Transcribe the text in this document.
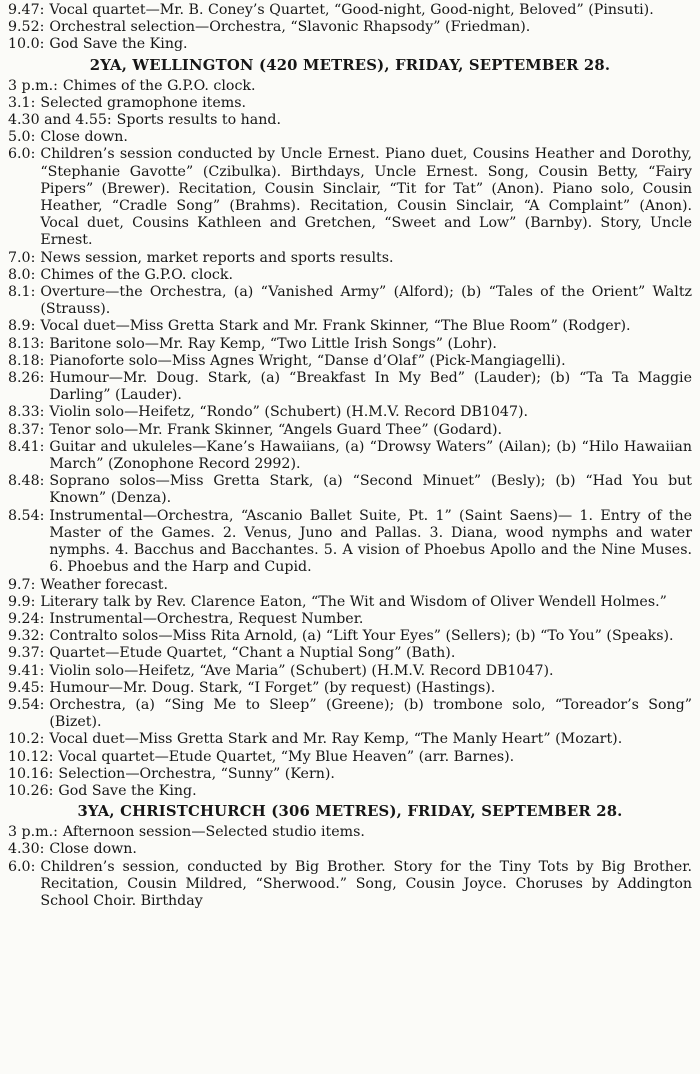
9.47: Vocal quartet—Mr. B. Coney’s Quartet, “Good-night, Good-night, Beloved” (Pinsuti).
9.52: Orchestral selection—Orchestra, “Slavonic Rhapsody” (Friedman).
10.0: God Save the King.
2YA, WELLINGTON (420 METRES), FRIDAY, SEPTEMBER 28.
3 p.m.: Chimes of the G.P.O. clock.
3.1: Selected gramophone items.
4.30 and 4.55: Sports results to hand.
5.0: Close down.
6.0: Children’s session conducted by Uncle Ernest. Piano duet, Cousins Heather and Dorothy, “Stephanie Gavotte” (Czibulka). Birthdays, Uncle Ernest. Song, Cousin Betty, “Fairy Pipers” (Brewer). Recitation, Cousin Sinclair, “Tit for Tat” (Anon). Piano solo, Cousin Heather, “Cradle Song” (Brahms). Recitation, Cousin Sinclair, “A Complaint” (Anon). Vocal duet, Cousins Kathleen and Gretchen, “Sweet and Low” (Barnby). Story, Uncle Ernest.
7.0: News session, market reports and sports results.
8.0: Chimes of the G.P.O. clock.
8.1: Overture—the Orchestra, (a) “Vanished Army” (Alford); (b) “Tales of the Orient” Waltz (Strauss).
8.9: Vocal duet—Miss Gretta Stark and Mr. Frank Skinner, “The Blue Room” (Rodger).
8.13: Baritone solo—Mr. Ray Kemp, “Two Little Irish Songs” (Lohr).
8.18: Pianoforte solo—Miss Agnes Wright, “Danse d’Olaf” (Pick-Mangiagelli).
8.26: Humour—Mr. Doug. Stark, (a) “Breakfast In My Bed” (Lauder); (b) “Ta Ta Maggie Darling” (Lauder).
8.33: Violin solo—Heifetz, “Rondo” (Schubert) (H.M.V. Record DB1047).
8.37: Tenor solo—Mr. Frank Skinner, “Angels Guard Thee” (Godard).
8.41: Guitar and ukuleles—Kane’s Hawaiians, (a) “Drowsy Waters” (Ailan); (b) “Hilo Hawaiian March” (Zonophone Record 2992).
8.48: Soprano solos—Miss Gretta Stark, (a) “Second Minuet” (Besly); (b) “Had You but Known” (Denza).
8.54: Instrumental—Orchestra, “Ascanio Ballet Suite, Pt. 1” (Saint Saens)— 1. Entry of the Master of the Games. 2. Venus, Juno and Pallas. 3. Diana, wood nymphs and water nymphs. 4. Bacchus and Bacchantes. 5. A vision of Phoebus Apollo and the Nine Muses. 6. Phoebus and the Harp and Cupid.
9.7: Weather forecast.
9.9: Literary talk by Rev. Clarence Eaton, “The Wit and Wisdom of Oliver Wendell Holmes.”
9.24: Instrumental—Orchestra, Request Number.
9.32: Contralto solos—Miss Rita Arnold, (a) “Lift Your Eyes” (Sellers); (b) “To You” (Speaks).
9.37: Quartet—Etude Quartet, “Chant a Nuptial Song” (Bath).
9.41: Violin solo—Heifetz, “Ave Maria” (Schubert) (H.M.V. Record DB1047).
9.45: Humour—Mr. Doug. Stark, “I Forget” (by request) (Hastings).
9.54: Orchestra, (a) “Sing Me to Sleep” (Greene); (b) trombone solo, “Toreador’s Song” (Bizet).
10.2: Vocal duet—Miss Gretta Stark and Mr. Ray Kemp, “The Manly Heart” (Mozart).
10.12: Vocal quartet—Etude Quartet, “My Blue Heaven” (arr. Barnes).
10.16: Selection—Orchestra, “Sunny” (Kern).
10.26: God Save the King.
3YA, CHRISTCHURCH (306 METRES), FRIDAY, SEPTEMBER 28.
3 p.m.: Afternoon session—Selected studio items.
4.30: Close down.
6.0: Children’s session, conducted by Big Brother. Story for the Tiny Tots by Big Brother. Recitation, Cousin Mildred, “Sherwood.” Song, Cousin Joyce. Choruses by Addington School Choir. Birthday
